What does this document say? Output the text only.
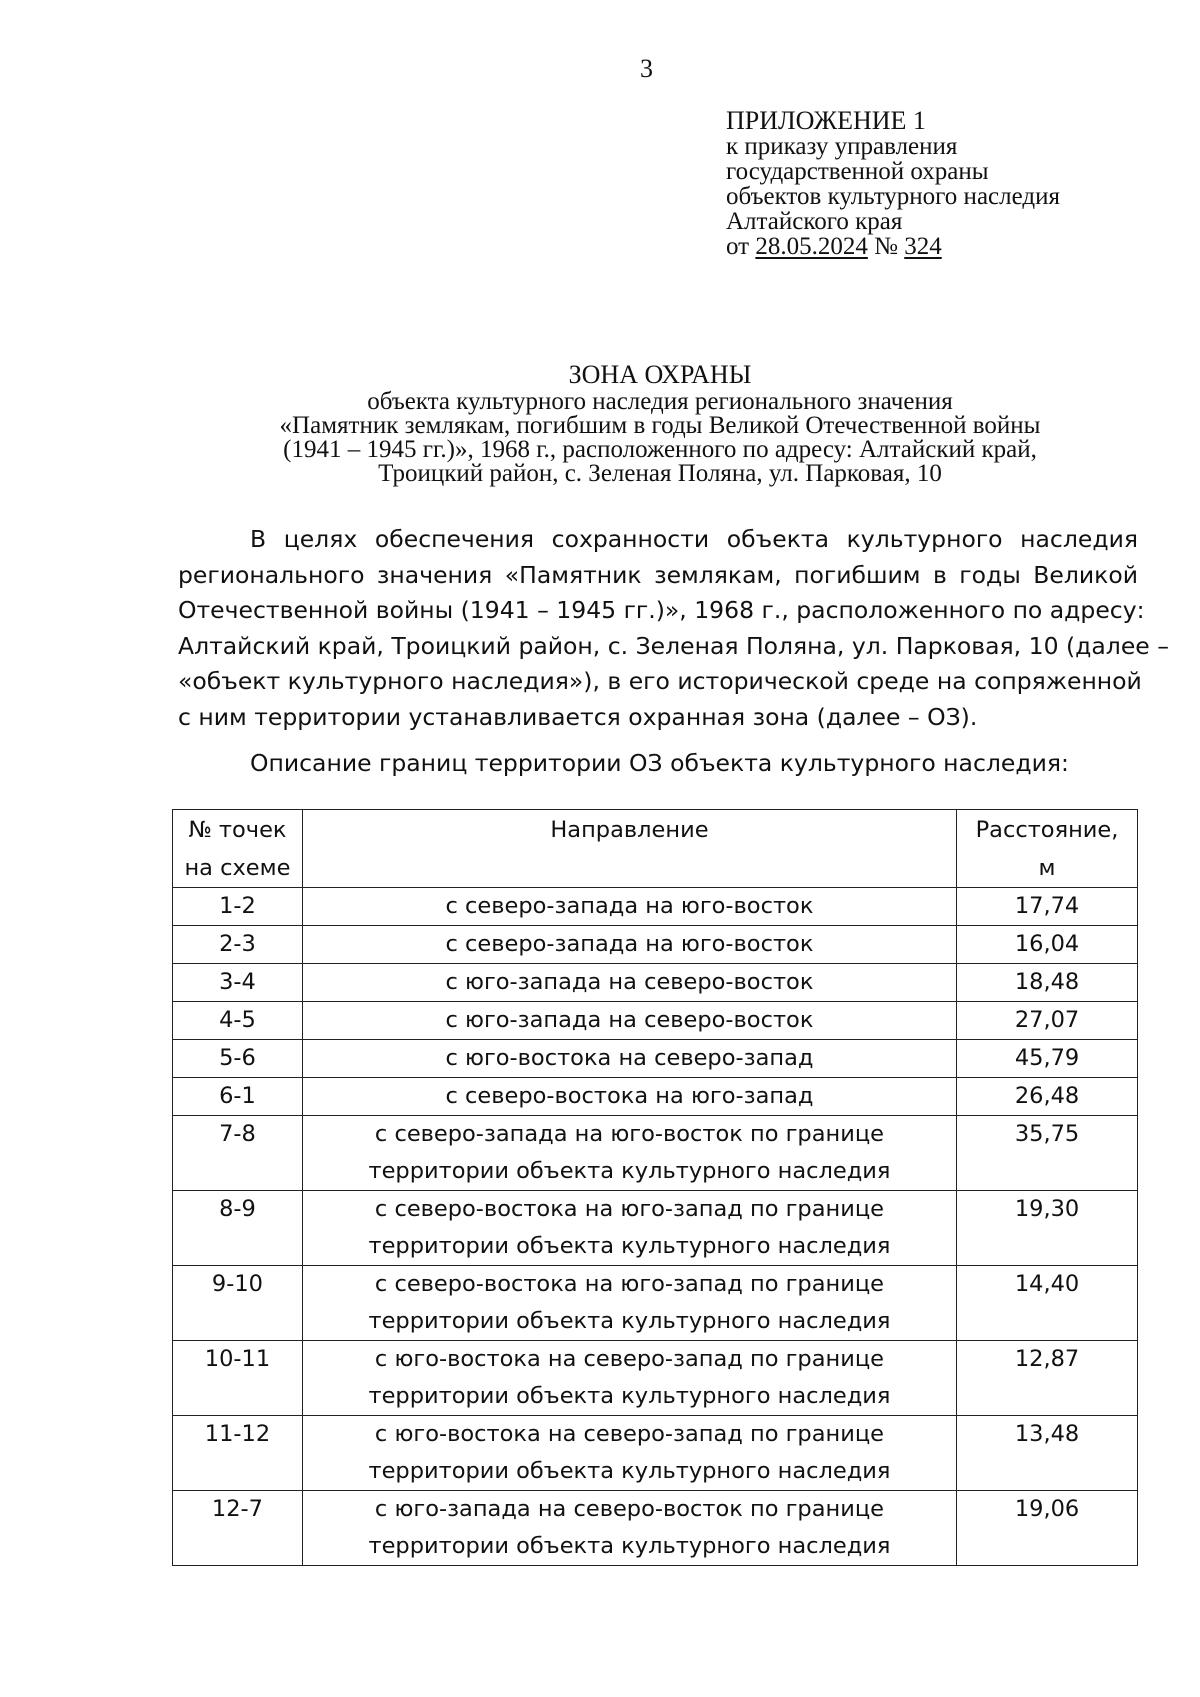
3
ПРИЛОЖЕНИЕ 1
к приказу управления
государственной охраны
объектов культурного наследия
Алтайского края
от 28.05.2024 № 324
ЗОНА ОХРАНЫ
объекта культурного наследия регионального значения
«Памятник землякам, погибшим в годы Великой Отечественной войны
(1941 – 1945 гг.)», 1968 г., расположенного по адресу: Алтайский край,
Троицкий район, с. Зеленая Поляна, ул. Парковая, 10
В целях обеспечения сохранности объекта культурного наследия
регионального значения «Памятник землякам, погибшим в годы Великой
Отечественной войны (1941 – 1945 гг.)», 1968 г., расположенного по адресу:
Алтайский край, Троицкий район, с. Зеленая Поляна, ул. Парковая, 10 (далее –
«объект культурного наследия»), в его исторической среде на сопряженной
с ним территории устанавливается охранная зона (далее – ОЗ).
Описание границ территории ОЗ объекта культурного наследия:
№ точек
на схеме	Направление	Расстояние,
м
1-2	с северо-запада на юго-восток	17,74
2-3	с северо-запада на юго-восток	16,04
3-4	с юго-запада на северо-восток	18,48
4-5	с юго-запада на северо-восток	27,07
5-6	с юго-востока на северо-запад	45,79
6-1	с северо-востока на юго-запад	26,48
7-8	с северо-запада на юго-восток по границе
территории объекта культурного наследия	35,75
8-9	с северо-востока на юго-запад по границе
территории объекта культурного наследия	19,30
9-10	с северо-востока на юго-запад по границе
территории объекта культурного наследия	14,40
10-11	с юго-востока на северо-запад по границе
территории объекта культурного наследия	12,87
11-12	с юго-востока на северо-запад по границе
территории объекта культурного наследия	13,48
12-7	с юго-запада на северо-восток по границе
территории объекта культурного наследия	19,06
